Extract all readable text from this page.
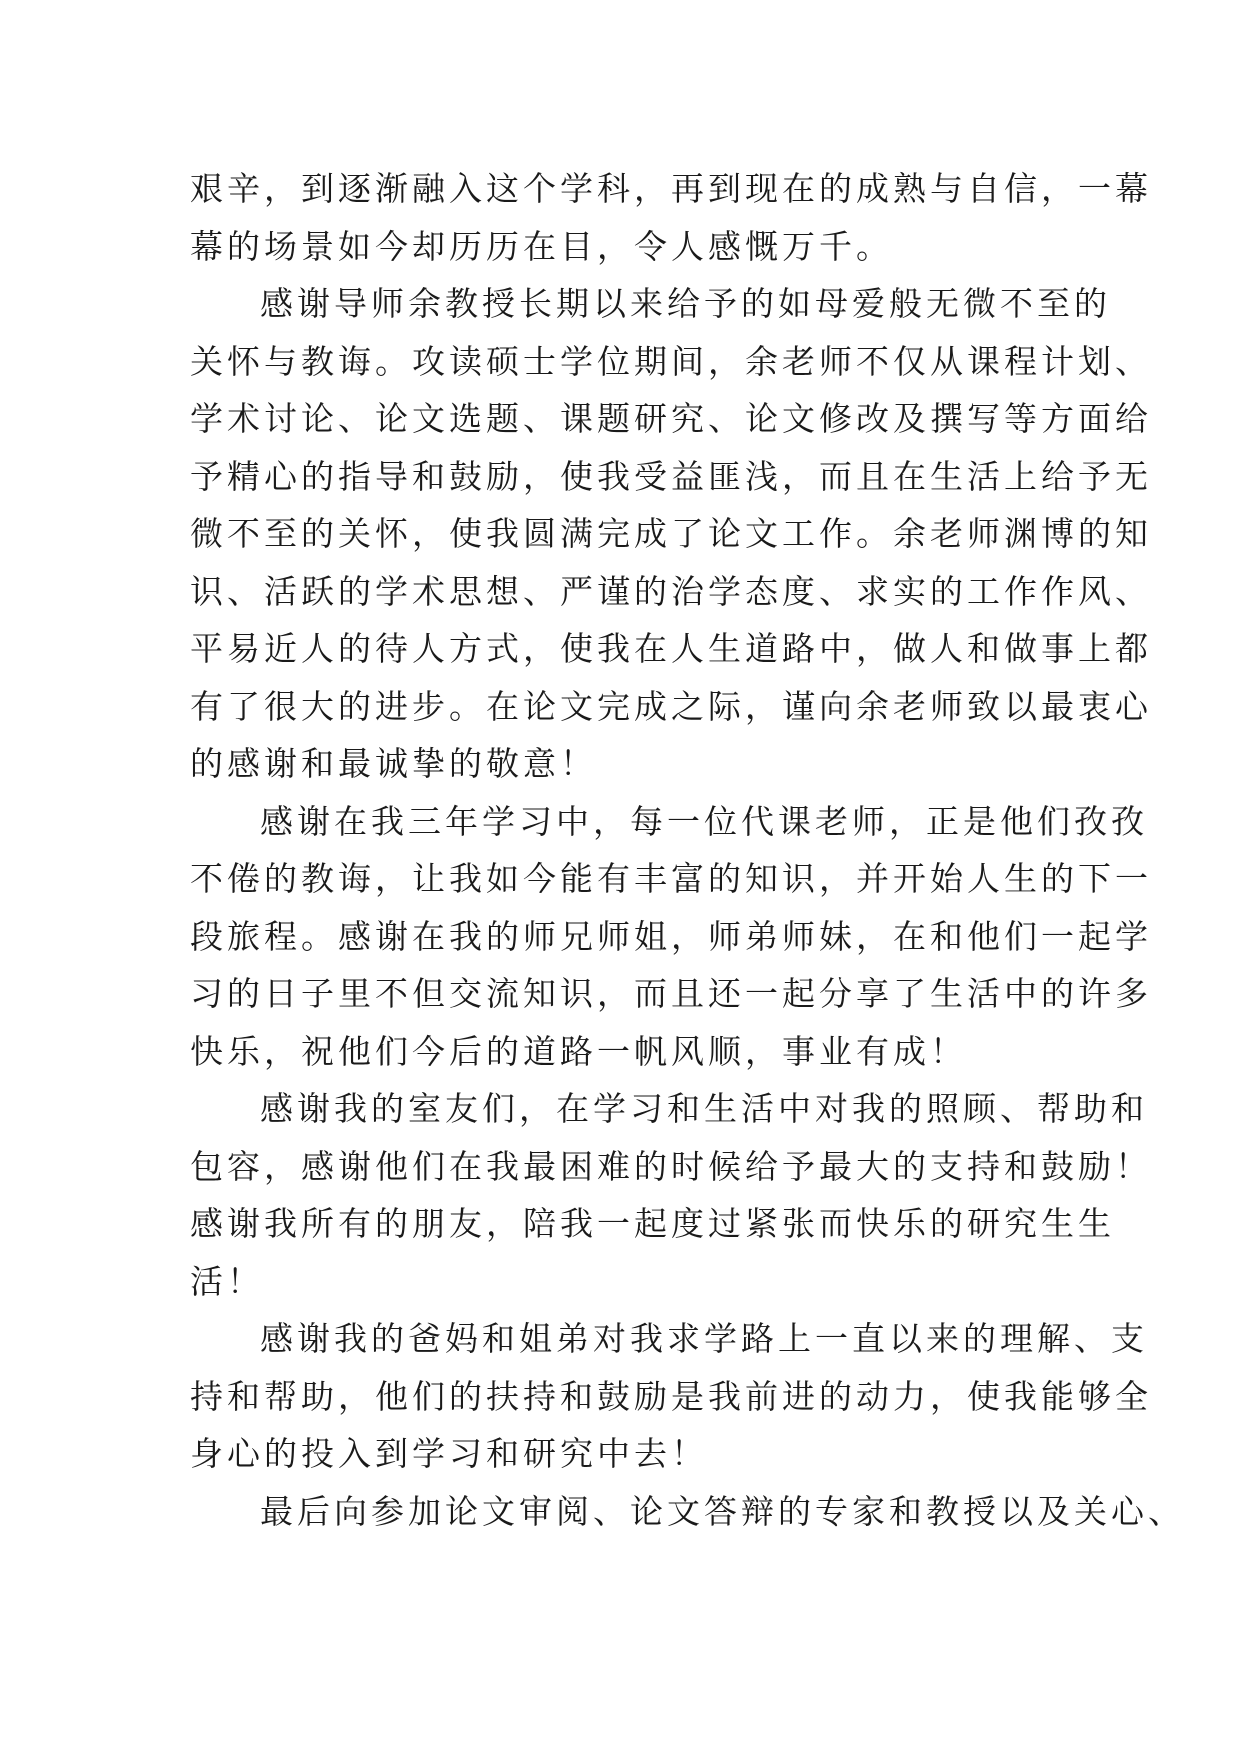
艰辛，到逐渐融入这个学科，再到现在的成熟与自信，一幕
幕的场景如今却历历在目，令人感慨万千。
感谢导师余教授长期以来给予的如母爱般无微不至的
关怀与教诲。攻读硕士学位期间，余老师不仅从课程计划、
学术讨论、论文选题、课题研究、论文修改及撰写等方面给
予精心的指导和鼓励，使我受益匪浅，而且在生活上给予无
微不至的关怀，使我圆满完成了论文工作。余老师渊博的知
识、活跃的学术思想、严谨的治学态度、求实的工作作风、
平易近人的待人方式，使我在人生道路中，做人和做事上都
有了很大的进步。在论文完成之际，谨向余老师致以最衷心
的感谢和最诚挚的敬意！
感谢在我三年学习中，每一位代课老师，正是他们孜孜
不倦的教诲，让我如今能有丰富的知识，并开始人生的下一
段旅程。感谢在我的师兄师姐，师弟师妹，在和他们一起学
习的日子里不但交流知识，而且还一起分享了生活中的许多
快乐，祝他们今后的道路一帆风顺，事业有成！
感谢我的室友们，在学习和生活中对我的照顾、帮助和
包容，感谢他们在我最困难的时候给予最大的支持和鼓励！
感谢我所有的朋友，陪我一起度过紧张而快乐的研究生生
活！
感谢我的爸妈和姐弟对我求学路上一直以来的理解、支
持和帮助，他们的扶持和鼓励是我前进的动力，使我能够全
身心的投入到学习和研究中去！
最后向参加论文审阅、论文答辩的专家和教授以及关心、
